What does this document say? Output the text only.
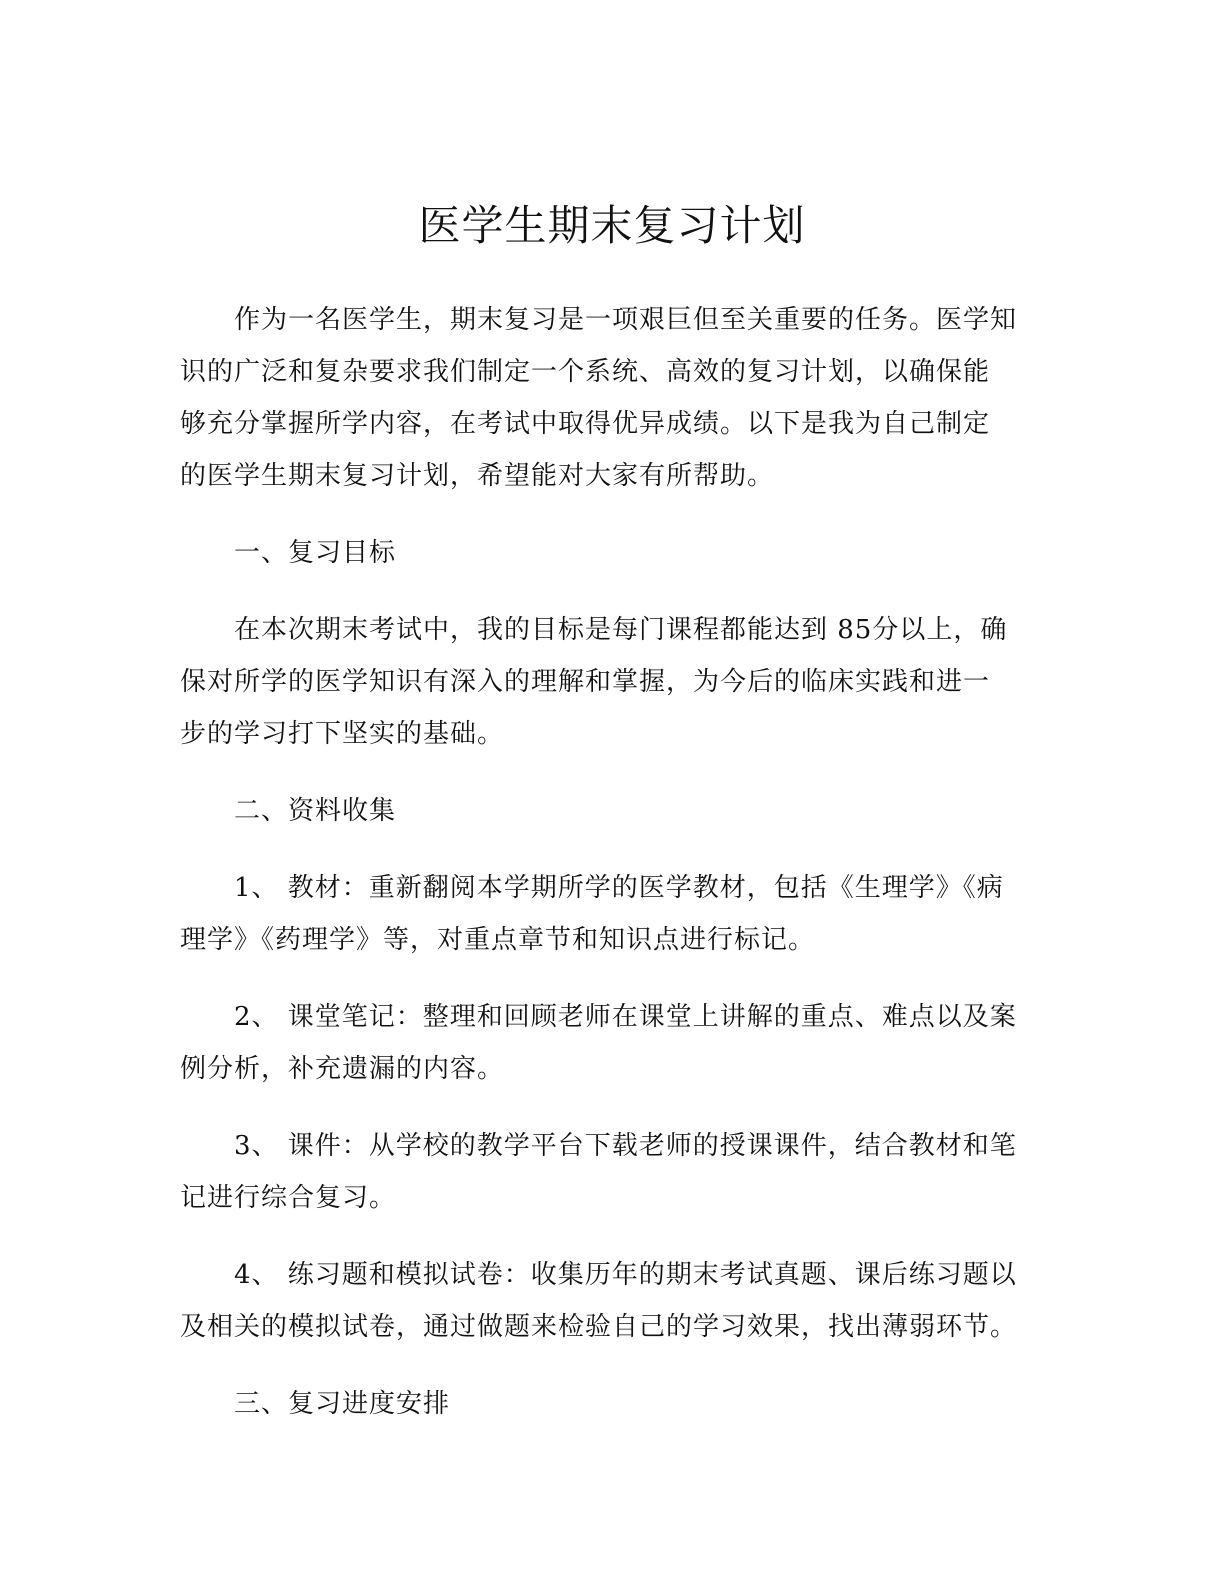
医学生期末复习计划

　　作为一名医学生，期末复习是一项艰巨但至关重要的任务。医学知
识的广泛和复杂要求我们制定一个系统、高效的复习计划，以确保能
够充分掌握所学内容，在考试中取得优异成绩。以下是我为自己制定
的医学生期末复习计划，希望能对大家有所帮助。

　　一、复习目标

　　在本次期末考试中，我的目标是每门课程都能达到 85分以上，确
保对所学的医学知识有深入的理解和掌握，为今后的临床实践和进一
步的学习打下坚实的基础。

　　二、资料收集

　　1、 教材：重新翻阅本学期所学的医学教材，包括《生理学》《病
理学》《药理学》等，对重点章节和知识点进行标记。

　　2、 课堂笔记：整理和回顾老师在课堂上讲解的重点、难点以及案
例分析，补充遗漏的内容。

　　3、 课件：从学校的教学平台下载老师的授课课件，结合教材和笔
记进行综合复习。

　　4、 练习题和模拟试卷：收集历年的期末考试真题、课后练习题以
及相关的模拟试卷，通过做题来检验自己的学习效果，找出薄弱环节。

　　三、复习进度安排
